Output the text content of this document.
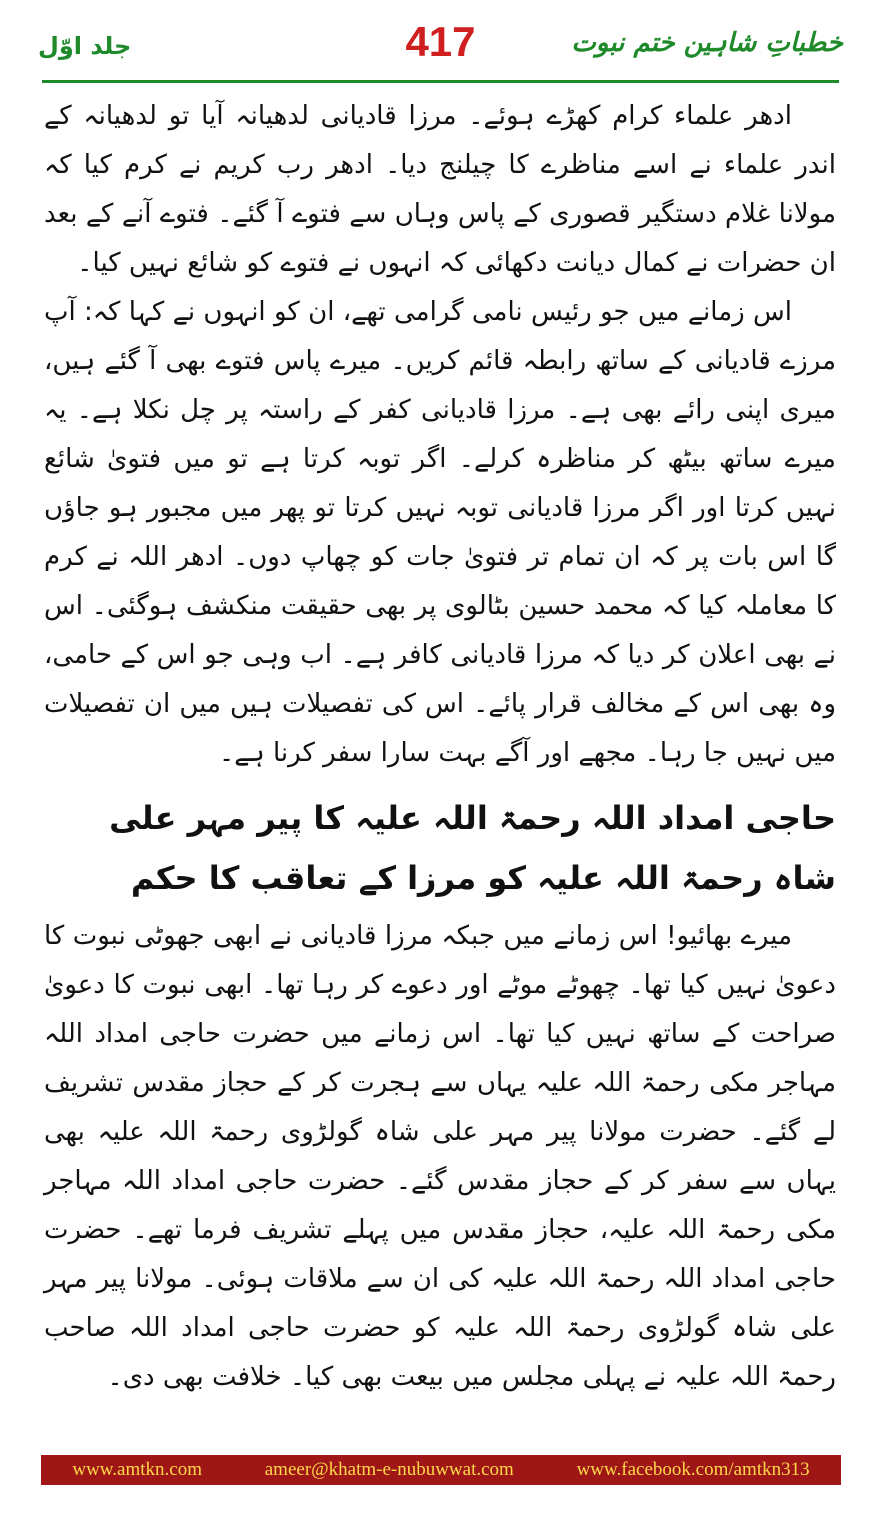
خطباتِ شاہین ختم نبوت
417
جلد اوّل

ادھر علماء کرام کھڑے ہوئے۔ مرزا قادیانی لدھیانہ آیا تو لدھیانہ کے اندر علماء نے اسے مناظرے کا چیلنج دیا۔ ادھر رب کریم نے کرم کیا کہ مولانا غلام دستگیر قصوری کے پاس وہاں سے فتوے آ گئے۔ فتوے آنے کے بعد ان حضرات نے کمال دیانت دکھائی کہ انہوں نے فتوے کو شائع نہیں کیا۔

اس زمانے میں جو رئیس نامی گرامی تھے، ان کو انہوں نے کہا کہ: آپ مرزے قادیانی کے ساتھ رابطہ قائم کریں۔ میرے پاس فتوے بھی آ گئے ہیں، میری اپنی رائے بھی ہے۔ مرزا قادیانی کفر کے راستہ پر چل نکلا ہے۔ یہ میرے ساتھ بیٹھ کر مناظرہ کرلے۔ اگر توبہ کرتا ہے تو میں فتویٰ شائع نہیں کرتا اور اگر مرزا قادیانی توبہ نہیں کرتا تو پھر میں مجبور ہو جاؤں گا اس بات پر کہ ان تمام تر فتویٰ جات کو چھاپ دوں۔ ادھر اللہ نے کرم کا معاملہ کیا کہ محمد حسین بٹالوی پر بھی حقیقت منکشف ہوگئی۔ اس نے بھی اعلان کر دیا کہ مرزا قادیانی کافر ہے۔ اب وہی جو اس کے حامی، وہ بھی اس کے مخالف قرار پائے۔ اس کی تفصیلات ہیں میں ان تفصیلات میں نہیں جا رہا۔ مجھے اور آگے بہت سارا سفر کرنا ہے۔

حاجی امداد اللہ رحمۃ اللہ علیہ کا پیر مہر علی شاہ رحمۃ اللہ علیہ کو مرزا کے تعاقب کا حکم

میرے بھائیو! اس زمانے میں جبکہ مرزا قادیانی نے ابھی جھوٹی نبوت کا دعویٰ نہیں کیا تھا۔ چھوٹے موٹے اور دعوے کر رہا تھا۔ ابھی نبوت کا دعویٰ صراحت کے ساتھ نہیں کیا تھا۔ اس زمانے میں حضرت حاجی امداد اللہ مہاجر مکی رحمۃ اللہ علیہ یہاں سے ہجرت کر کے حجاز مقدس تشریف لے گئے۔ حضرت مولانا پیر مہر علی شاہ گولڑوی رحمۃ اللہ علیہ بھی یہاں سے سفر کر کے حجاز مقدس گئے۔ حضرت حاجی امداد اللہ مہاجر مکی رحمۃ اللہ علیہ، حجاز مقدس میں پہلے تشریف فرما تھے۔ حضرت حاجی امداد اللہ رحمۃ اللہ علیہ کی ان سے ملاقات ہوئی۔ مولانا پیر مہر علی شاہ گولڑوی رحمۃ اللہ علیہ کو حضرت حاجی امداد اللہ صاحب رحمۃ اللہ علیہ نے پہلی مجلس میں بیعت بھی کیا۔ خلافت بھی دی۔

www.amtkn.com	ameer@khatm-e-nubuwwat.com	www.facebook.com/amtkn313
